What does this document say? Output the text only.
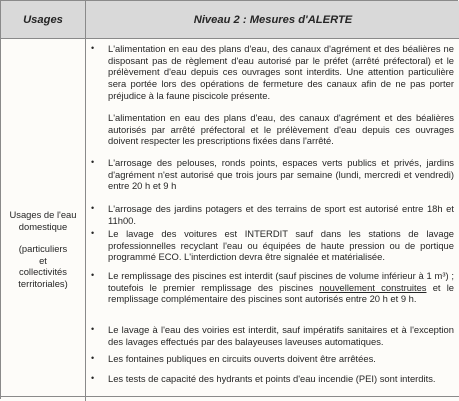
Usages	Niveau 2 : Mesures d'ALERTE
Usages de l'eau
domestique
(particuliers
et
collectivités
territoriales)
• L'alimentation en eau des plans d'eau, des canaux d'agrément et des béalières ne disposant pas de règlement d'eau autorisé par le préfet (arrêté préfectoral) et le prélèvement d'eau depuis ces ouvrages sont interdits. Une attention particulière sera portée lors des opérations de fermeture des canaux afin de ne pas porter préjudice à la faune piscicole présente.
L'alimentation en eau des plans d'eau, des canaux d'agrément et des béalières autorisés par arrêté préfectoral et le prélèvement d'eau depuis ces ouvrages doivent respecter les prescriptions fixées dans l'arrêté.
• L'arrosage des pelouses, ronds points, espaces verts publics et privés, jardins d'agrément n'est autorisé que trois jours par semaine (lundi, mercredi et vendredi) entre 20 h et 9 h
• L'arrosage des jardins potagers et des terrains de sport est autorisé entre 18h et 11h00.
• Le lavage des voitures est INTERDIT sauf dans les stations de lavage professionnelles recyclant l'eau ou équipées de haute pression ou de portique programmé ECO. L'interdiction devra être signalée et matérialisée.
• Le remplissage des piscines est interdit (sauf piscines de volume inférieur à 1 m³) ; toutefois le premier remplissage des piscines nouvellement construites et le remplissage complémentaire des piscines sont autorisés entre 20 h et 9 h.
• Le lavage à l'eau des voiries est interdit, sauf impératifs sanitaires et à l'exception des lavages effectués par des balayeuses laveuses automatiques.
• Les fontaines publiques en circuits ouverts doivent être arrêtées.
• Les tests de capacité des hydrants et points d'eau incendie (PEI) sont interdits.
